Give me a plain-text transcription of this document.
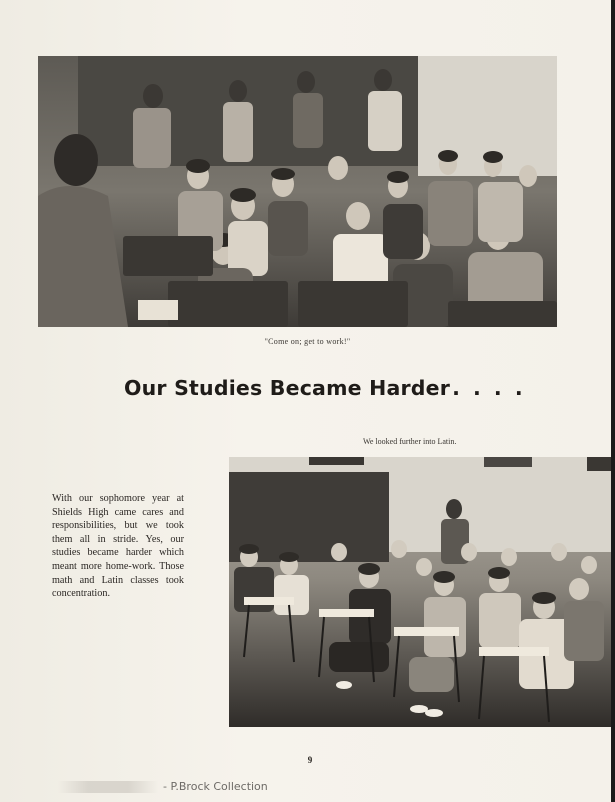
"Come on; get to work!"
Our Studies Became Harder. . . .
We looked further into Latin.
With our sophomore year at Shields High came cares and responsibilities, but we took them all in stride. Yes, our studies became harder which meant more home-work. Those math and Latin classes took concentration.
9
- P.Brock Collection
